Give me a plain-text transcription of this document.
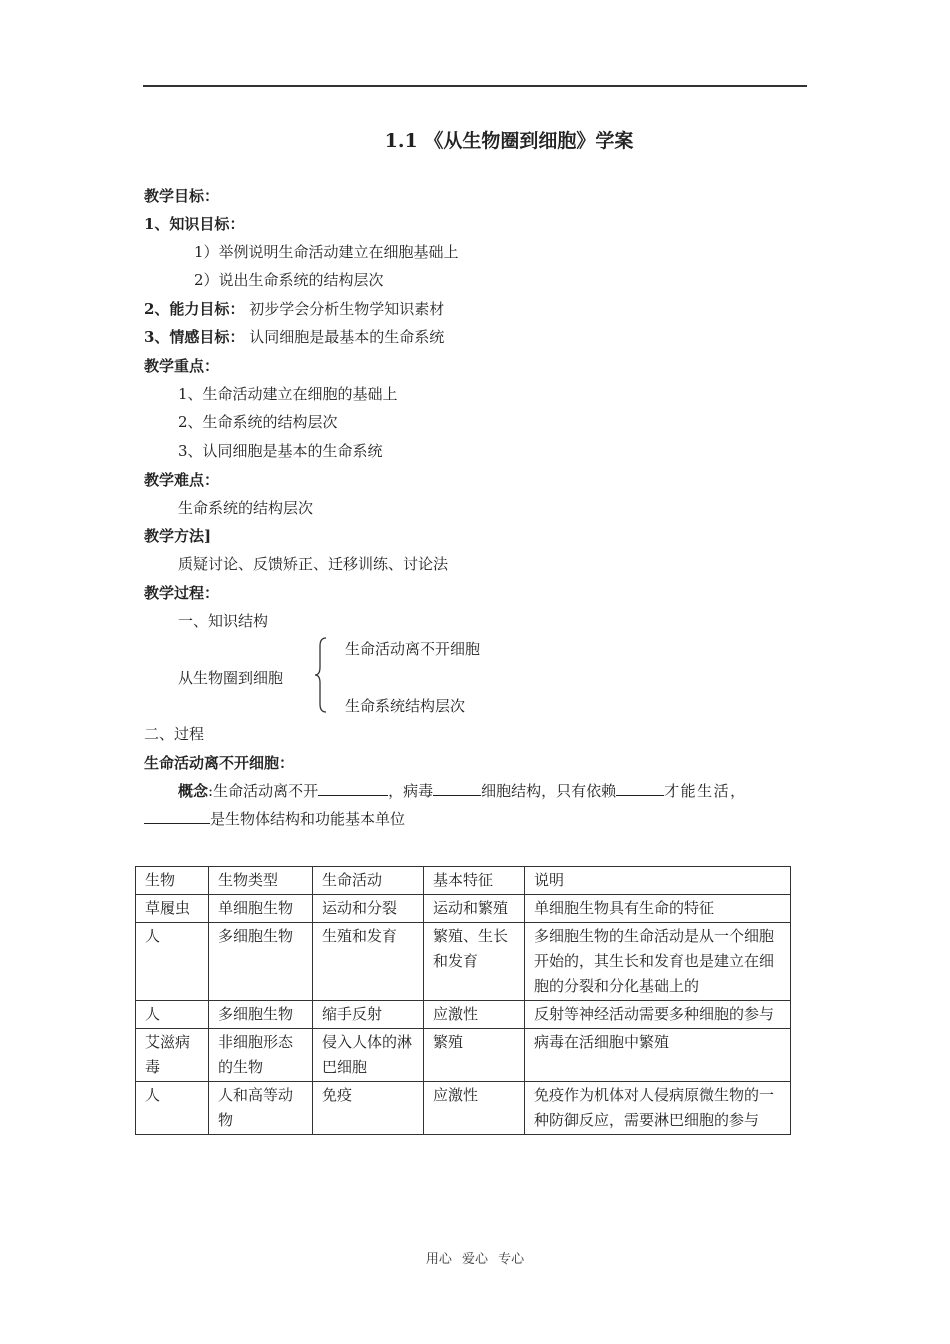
1.1 《从生物圈到细胞》学案
教学目标：
1、知识目标：
1）举例说明生命活动建立在细胞基础上
2）说出生命系统的结构层次
2、能力目标： 初步学会分析生物学知识素材
3、情感目标： 认同细胞是最基本的生命系统
教学重点：
1、生命活动建立在细胞的基础上
2、生命系统的结构层次
3、认同细胞是基本的生命系统
教学难点：
生命系统的结构层次
教学方法]
质疑讨论、反馈矫正、迁移训练、讨论法
教学过程：
一、知识结构
生命活动离不开细胞
从生物圈到细胞
生命系统结构层次
二、过程
生命活动离不开细胞：
概念:生命活动离不开	，病毒	细胞结构，只有依赖	才能生活，
是生物体结构和功能基本单位
生物	生物类型	生命活动	基本特征	说明
草履虫	单细胞生物	运动和分裂	运动和繁殖	单细胞生物具有生命的特征
人	多细胞生物	生殖和发育	繁殖、生长和发育	多细胞生物的生命活动是从一个细胞开始的，其生长和发育也是建立在细胞的分裂和分化基础上的
人	多细胞生物	缩手反射	应激性	反射等神经活动需要多种细胞的参与
艾滋病毒	非细胞形态的生物	侵入人体的淋巴细胞	繁殖	病毒在活细胞中繁殖
人	人和高等动物	免疫	应激性	免疫作为机体对人侵病原微生物的一种防御反应，需要淋巴细胞的参与
用心 爱心 专心
